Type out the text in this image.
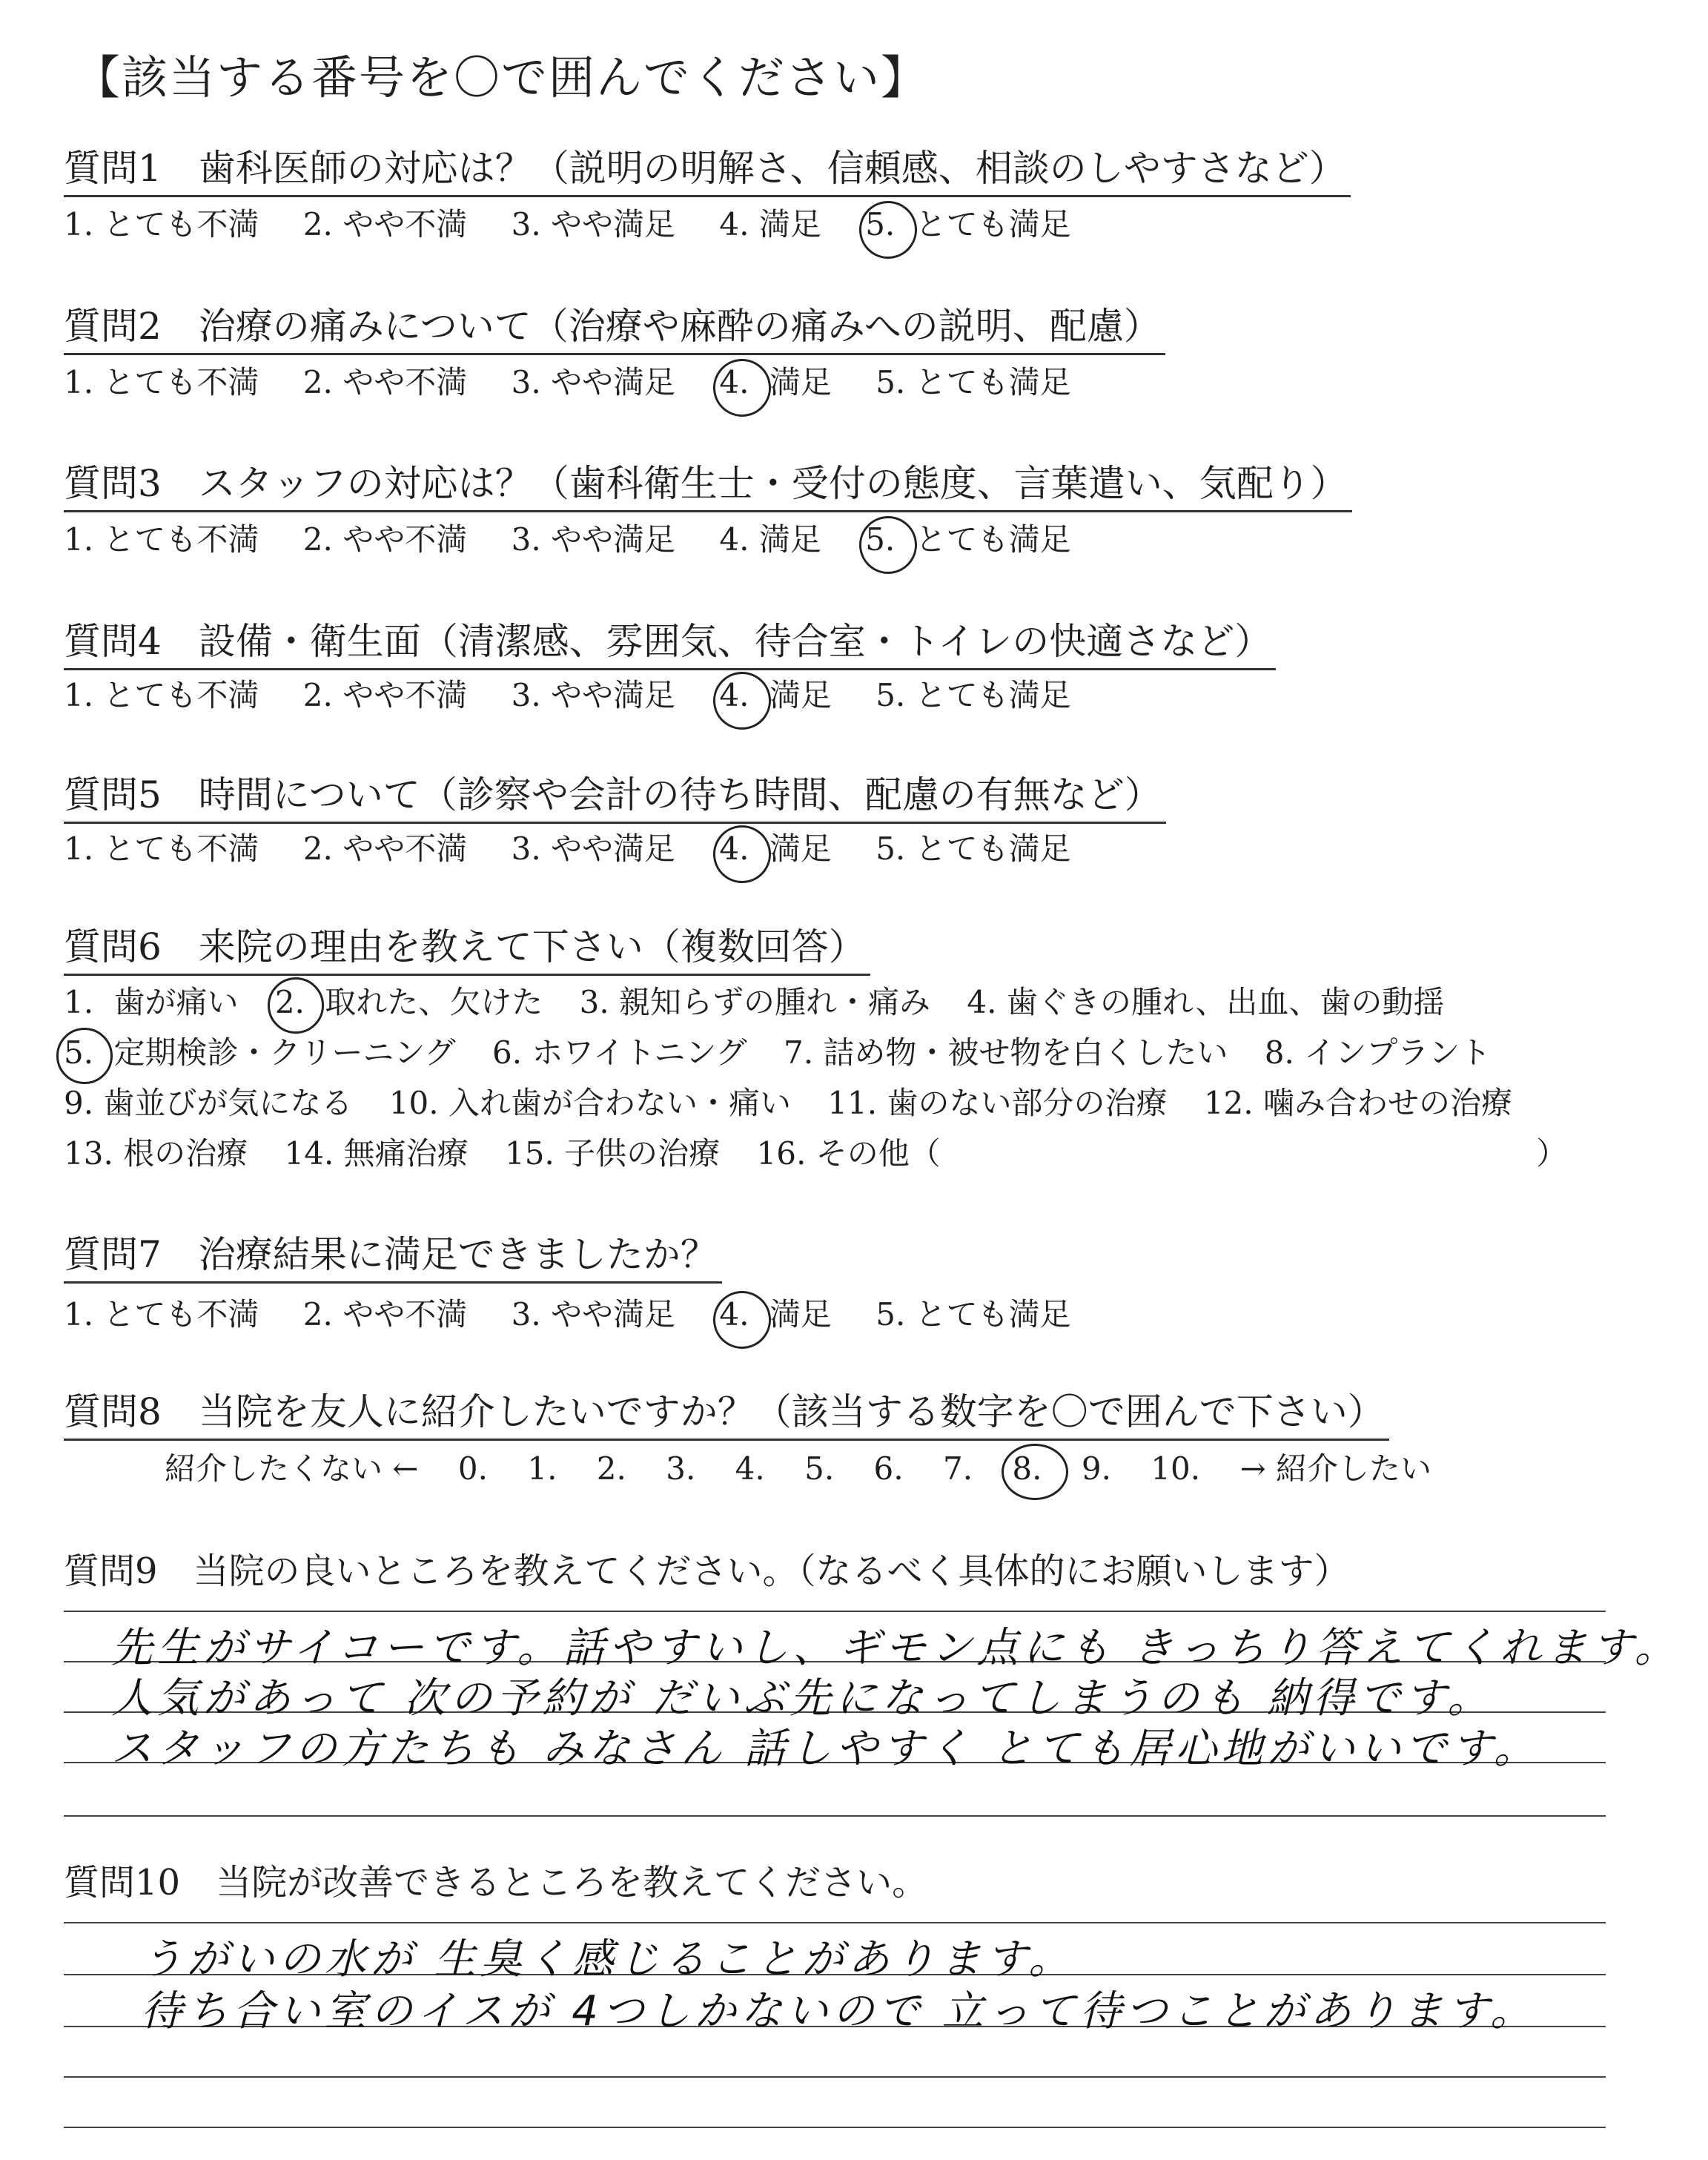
【該当する番号を〇で囲んでください】
質問1　歯科医師の対応は？（説明の明解さ、信頼感、相談のしやすさなど）
1. とても不満 2. やや不満 3. やや満足 4. 満足 5. とても満足
質問2　治療の痛みについて（治療や麻酔の痛みへの説明、配慮）
1. とても不満 2. やや不満 3. やや満足 4. 満足 5. とても満足
質問3　スタッフの対応は？（歯科衛生士・受付の態度、言葉遣い、気配り）
1. とても不満 2. やや不満 3. やや満足 4. 満足 5. とても満足
質問4　設備・衛生面（清潔感、雰囲気、待合室・トイレの快適さなど）
1. とても不満 2. やや不満 3. やや満足 4. 満足 5. とても満足
質問5　時間について（診察や会計の待ち時間、配慮の有無など）
1. とても不満 2. やや不満 3. やや満足 4. 満足 5. とても満足
質問6　来院の理由を教えて下さい（複数回答）
1. 歯が痛い 2. 取れた、欠けた 3. 親知らずの腫れ・痛み 4. 歯ぐきの腫れ、出血、歯の動揺
5. 定期検診・クリーニング 6. ホワイトニング 7. 詰め物・被せ物を白くしたい 8. インプラント
9. 歯並びが気になる 10. 入れ歯が合わない・痛い 11. 歯のない部分の治療 12. 噛み合わせの治療
13. 根の治療 14. 無痛治療 15. 子供の治療 16. その他（	）
質問7　治療結果に満足できましたか？
1. とても不満 2. やや不満 3. やや満足 4. 満足 5. とても満足
質問8　当院を友人に紹介したいですか？（該当する数字を〇で囲んで下さい）
紹介したくない ← 0. 1. 2. 3. 4. 5. 6. 7. 8. 9. 10. → 紹介したい
質問9　当院の良いところを教えてください。（なるべく具体的にお願いします）
先生がサイコーです。話やすいし、ギモン点にも きっちり答えてくれます。
人気があって 次の予約が だいぶ先になってしまうのも 納得です。
スタッフの方たちも みなさん 話しやすく とても居心地がいいです。
質問10　当院が改善できるところを教えてください。
うがいの水が 生臭く感じることがあります。
待ち合い室のイスが 4つしかないので 立って待つことがあります。
